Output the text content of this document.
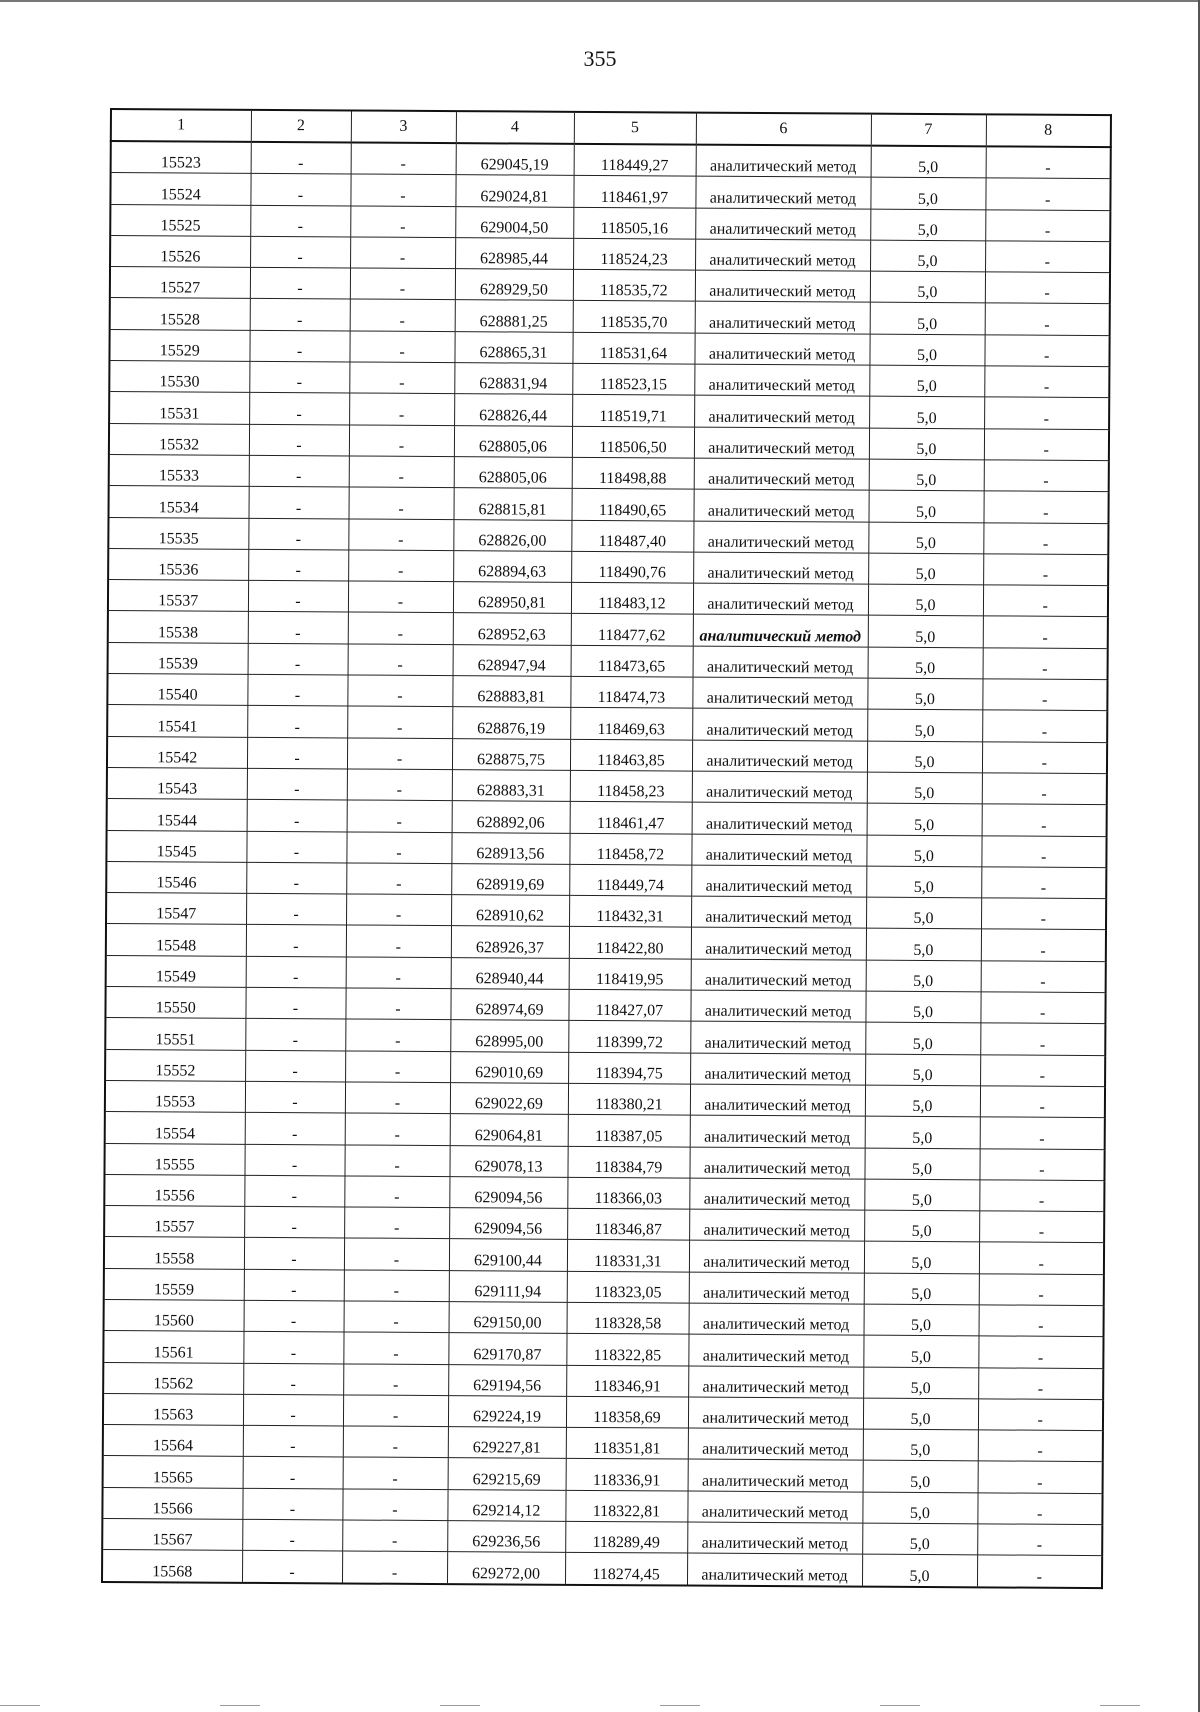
355
1	2	3	4	5	6	7	8
15523	-	-	629045,19	118449,27	аналитический метод	5,0	-
15524	-	-	629024,81	118461,97	аналитический метод	5,0	-
15525	-	-	629004,50	118505,16	аналитический метод	5,0	-
15526	-	-	628985,44	118524,23	аналитический метод	5,0	-
15527	-	-	628929,50	118535,72	аналитический метод	5,0	-
15528	-	-	628881,25	118535,70	аналитический метод	5,0	-
15529	-	-	628865,31	118531,64	аналитический метод	5,0	-
15530	-	-	628831,94	118523,15	аналитический метод	5,0	-
15531	-	-	628826,44	118519,71	аналитический метод	5,0	-
15532	-	-	628805,06	118506,50	аналитический метод	5,0	-
15533	-	-	628805,06	118498,88	аналитический метод	5,0	-
15534	-	-	628815,81	118490,65	аналитический метод	5,0	-
15535	-	-	628826,00	118487,40	аналитический метод	5,0	-
15536	-	-	628894,63	118490,76	аналитический метод	5,0	-
15537	-	-	628950,81	118483,12	аналитический метод	5,0	-
15538	-	-	628952,63	118477,62	аналитический метод	5,0	-
15539	-	-	628947,94	118473,65	аналитический метод	5,0	-
15540	-	-	628883,81	118474,73	аналитический метод	5,0	-
15541	-	-	628876,19	118469,63	аналитический метод	5,0	-
15542	-	-	628875,75	118463,85	аналитический метод	5,0	-
15543	-	-	628883,31	118458,23	аналитический метод	5,0	-
15544	-	-	628892,06	118461,47	аналитический метод	5,0	-
15545	-	-	628913,56	118458,72	аналитический метод	5,0	-
15546	-	-	628919,69	118449,74	аналитический метод	5,0	-
15547	-	-	628910,62	118432,31	аналитический метод	5,0	-
15548	-	-	628926,37	118422,80	аналитический метод	5,0	-
15549	-	-	628940,44	118419,95	аналитический метод	5,0	-
15550	-	-	628974,69	118427,07	аналитический метод	5,0	-
15551	-	-	628995,00	118399,72	аналитический метод	5,0	-
15552	-	-	629010,69	118394,75	аналитический метод	5,0	-
15553	-	-	629022,69	118380,21	аналитический метод	5,0	-
15554	-	-	629064,81	118387,05	аналитический метод	5,0	-
15555	-	-	629078,13	118384,79	аналитический метод	5,0	-
15556	-	-	629094,56	118366,03	аналитический метод	5,0	-
15557	-	-	629094,56	118346,87	аналитический метод	5,0	-
15558	-	-	629100,44	118331,31	аналитический метод	5,0	-
15559	-	-	629111,94	118323,05	аналитический метод	5,0	-
15560	-	-	629150,00	118328,58	аналитический метод	5,0	-
15561	-	-	629170,87	118322,85	аналитический метод	5,0	-
15562	-	-	629194,56	118346,91	аналитический метод	5,0	-
15563	-	-	629224,19	118358,69	аналитический метод	5,0	-
15564	-	-	629227,81	118351,81	аналитический метод	5,0	-
15565	-	-	629215,69	118336,91	аналитический метод	5,0	-
15566	-	-	629214,12	118322,81	аналитический метод	5,0	-
15567	-	-	629236,56	118289,49	аналитический метод	5,0	-
15568	-	-	629272,00	118274,45	аналитический метод	5,0	-
